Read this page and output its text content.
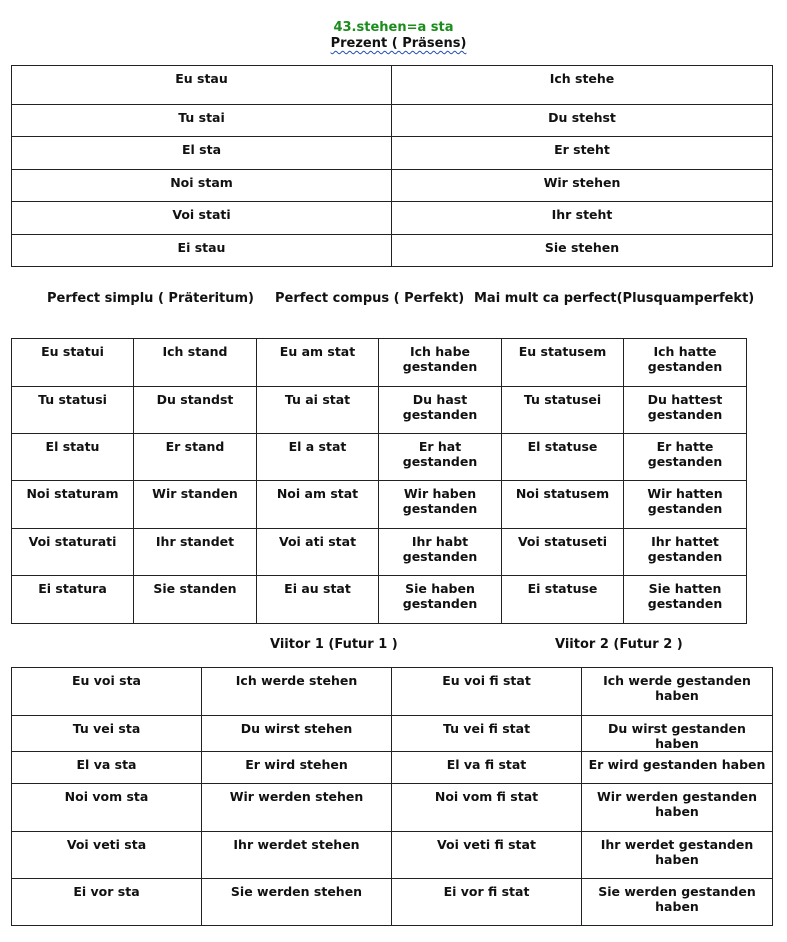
43.stehen=a sta
Prezent ( Präsens)
Eu stau	Ich stehe
Tu stai	Du stehst
El sta	Er steht
Noi stam	Wir stehen
Voi stati	Ihr steht
Ei stau	Sie stehen
Perfect simplu ( Präteritum) Perfect compus ( Perfekt) Mai mult ca perfect(Plusquamperfekt)
Eu statui	Ich stand	Eu am stat	Ich habe gestanden	Eu statusem	Ich hatte gestanden
Tu statusi	Du standst	Tu ai stat	Du hast gestanden	Tu statusei	Du hattest gestanden
El statu	Er stand	El a stat	Er hat gestanden	El statuse	Er hatte gestanden
Noi staturam	Wir standen	Noi am stat	Wir haben gestanden	Noi statusem	Wir hatten gestanden
Voi staturati	Ihr standet	Voi ati stat	Ihr habt gestanden	Voi statuseti	Ihr hattet gestanden
Ei statura	Sie standen	Ei au stat	Sie haben gestanden	Ei statuse	Sie hatten gestanden
Viitor 1 (Futur 1 )	Viitor 2 (Futur 2 )
Eu voi sta	Ich werde stehen	Eu voi fi stat	Ich werde gestanden haben
Tu vei sta	Du wirst stehen	Tu vei fi stat	Du wirst gestanden haben
El va sta	Er wird stehen	El va fi stat	Er wird gestanden haben
Noi vom sta	Wir werden stehen	Noi vom fi stat	Wir werden gestanden haben
Voi veti sta	Ihr werdet stehen	Voi veti fi stat	Ihr werdet gestanden haben
Ei vor sta	Sie werden stehen	Ei vor fi stat	Sie werden gestanden haben
